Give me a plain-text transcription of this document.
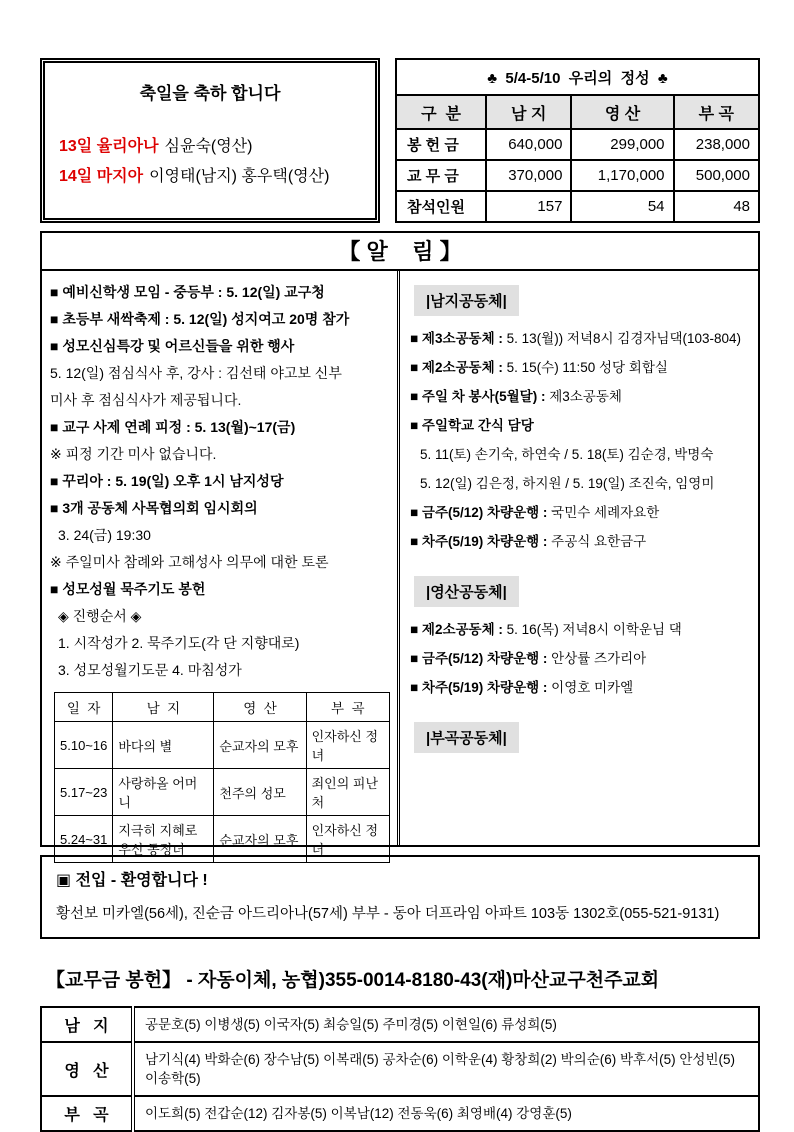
축일을 축하 합니다
13일 율리아나 심윤숙(영산)
14일 마지아 이영태(남지) 홍우택(영산)
♣  5/4-5/10  우리의  정성  ♣			
구  분	남 지	영 산	부 곡
봉 헌 금	640,000	299,000	238,000
교 무 금	370,000	1,170,000	500,000
참석인원	157	54	48
【 알    림 】
■ 예비신학생 모임 - 중등부 : 5. 12(일) 교구청
■ 초등부 새싹축제 : 5. 12(일) 성지여고 20명 참가
■ 성모신심특강 및 어르신들을 위한 행사
5. 12(일) 점심식사 후, 강사 : 김선태 야고보 신부
미사 후 점심식사가 제공됩니다.
■ 교구 사제 연례 피정 : 5. 13(월)~17(금)
※ 피정 기간 미사 없습니다.
■ 꾸리아 : 5. 19(일) 오후 1시 남지성당
■ 3개 공동체 사목협의회 임시회의
3. 24(금) 19:30
※ 주일미사 참례와 고해성사 의무에 대한 토론
■ 성모성월 묵주기도 봉헌
◈ 진행순서 ◈
1. 시작성가 2. 묵주기도(각 단 지향대로)
3. 성모성월기도문 4. 마침성가
일  자	남  지	영  산	부  곡
5.10~16	바다의 별	순교자의 모후	인자하신 정녀
5.17~23	사랑하올 어머니	천주의 성모	죄인의 피난처
5.24~31	지극히 지혜로우신 동정녀	순교자의 모후	인자하신 정녀
|남지공동체|
■ 제3소공동체 : 5. 13(월)) 저녁8시 김경자님댁(103-804)
■ 제2소공동체 : 5. 15(수) 11:50 성당 회합실
■ 주일 차 봉사(5월달) : 제3소공동체
■ 주일학교 간식 담당
5. 11(토) 손기숙, 하연숙 / 5. 18(토) 김순경, 박명숙
5. 12(일) 김은정, 하지원 / 5. 19(일) 조진숙, 임영미
■ 금주(5/12) 차량운행 : 국민수 세례자요한
■ 차주(5/19) 차량운행 : 주공식 요한금구
|영산공동체|
■ 제2소공동체 : 5. 16(목) 저녁8시 이학운님 댁
■ 금주(5/12) 차량운행 : 안상률 즈가리아
■ 차주(5/19) 차량운행 : 이영호 미카엘
|부곡공동체|
▣ 전입 - 환영합니다 !
황선보 미카엘(56세), 진순금 아드리아나(57세) 부부 - 동아 더프라임 아파트 103동 1302호(055-521-9131)
【교무금 봉헌】 - 자동이체, 농협)355-0014-8180-43(재)마산교구천주교회
남   지	공문호(5) 이병생(5) 이국자(5) 최승일(5) 주미경(5) 이현일(6) 류성희(5)
영   산	남기식(4) 박화순(6) 장수남(5) 이복래(5) 공차순(6) 이학운(4) 황창희(2) 박의순(6) 박후서(5) 안성빈(5) 이송학(5)
부   곡	이도희(5) 전갑순(12) 김자봉(5) 이복남(12) 전동욱(6) 최영배(4) 강영훈(5)
